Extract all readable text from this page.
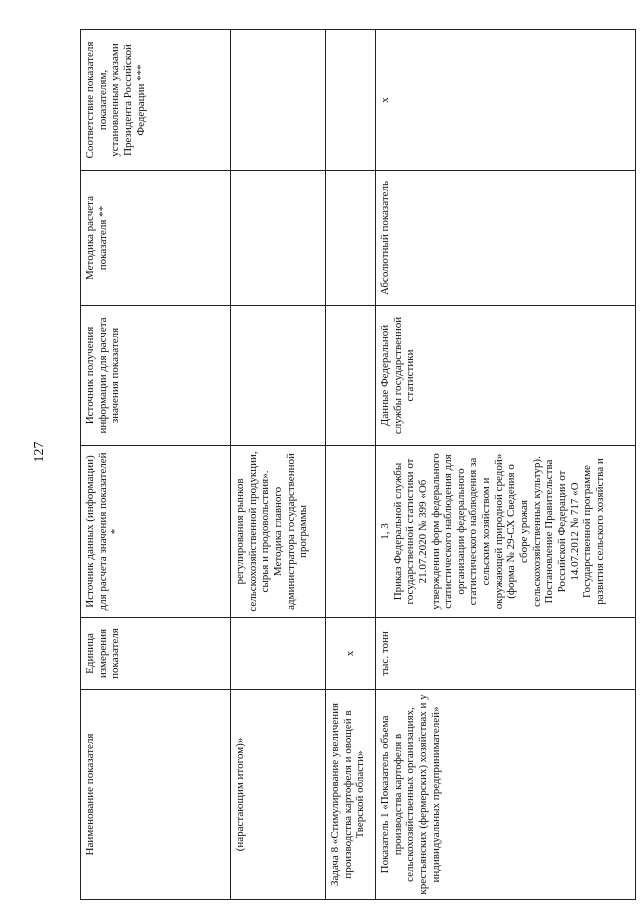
127
Наименование показателя	Единица измерения показателя	Источник данных (информации) для расчета значения показателей *	Источник получения информации для расчета значения показателя	Методика расчета показателя **	Соответствие показателя показателям, установленным указами Президента Российской Федерации ***
(нарастающим итогом)»		регулирования рынков сельскохозяйственной продукции, сырья и продовольствия». Методика главного администратора государственной программы			
Задача 8 «Стимулирование увеличения производства картофеля и овощей в Тверской области»	х				
Показатель 1 «Показатель объема производства картофеля в сельскохозяйственных организациях, крестьянских (фермерских) хозяйствах и у индивидуальных предпринимателей»	тыс. тонн	1, 3 Приказ Федеральной службы государственной статистики от 21.07.2020 № 399 «Об утверждении форм федерального статистического наблюдения для организации федерального статистического наблюдения за сельским хозяйством и окружающей природной средой» (форма № 29-СХ Сведения о сборе урожая сельскохозяйственных культур). Постановление Правительства Российской Федерации от 14.07.2012 № 717 «О Государственной программе развития сельского хозяйства и	Данные Федеральной службы государственной статистики	Абсолютный показатель	х
